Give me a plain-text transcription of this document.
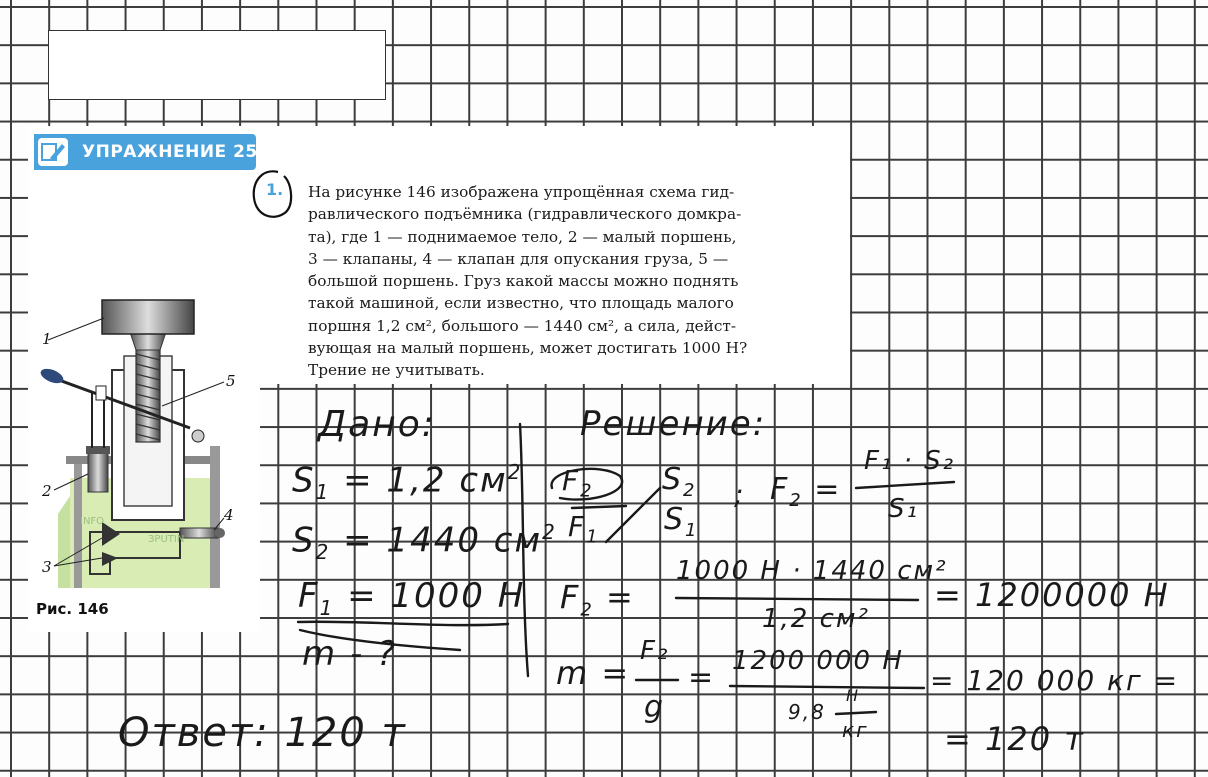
УПРАЖНЕНИЕ 25
1. На рисунке 146 изображена упрощённая схема гид-
равлического подъёмника (гидравлического домкра-
та), где 1 — поднимаемое тело, 2 — малый поршень,
3 — клапаны, 4 — клапан для опускания груза, 5 —
большой поршень. Груз какой массы можно поднять
такой машиной, если известно, что площадь малого
поршня 1,2 см², большого — 1440 см², а сила, дейст-
вующая на малый поршень, может достигать 1000 Н?
Трение не учитывать.
1
5
2
3
4
INFO
ЗPUTIN
Рис. 146
Дано:
$S_1 = 1,2$ $см^2$
$S_2 = 1440$ $см^2$
$F_1 = 1000$ Н
m - ?
Решение:
$F_2$
$F_1$
$S_2$
$S_1$
; $F_2$ =
F₁ · S₂
S₁
$F_2$ =
1000 Н · 1440 см²
1,2 см²
= 1200000 Н
m =
F₂
g
= 1200 000 Н
9,8
Н
кг
= 120 000 кг =
= 120 т
Ответ: 120 т
